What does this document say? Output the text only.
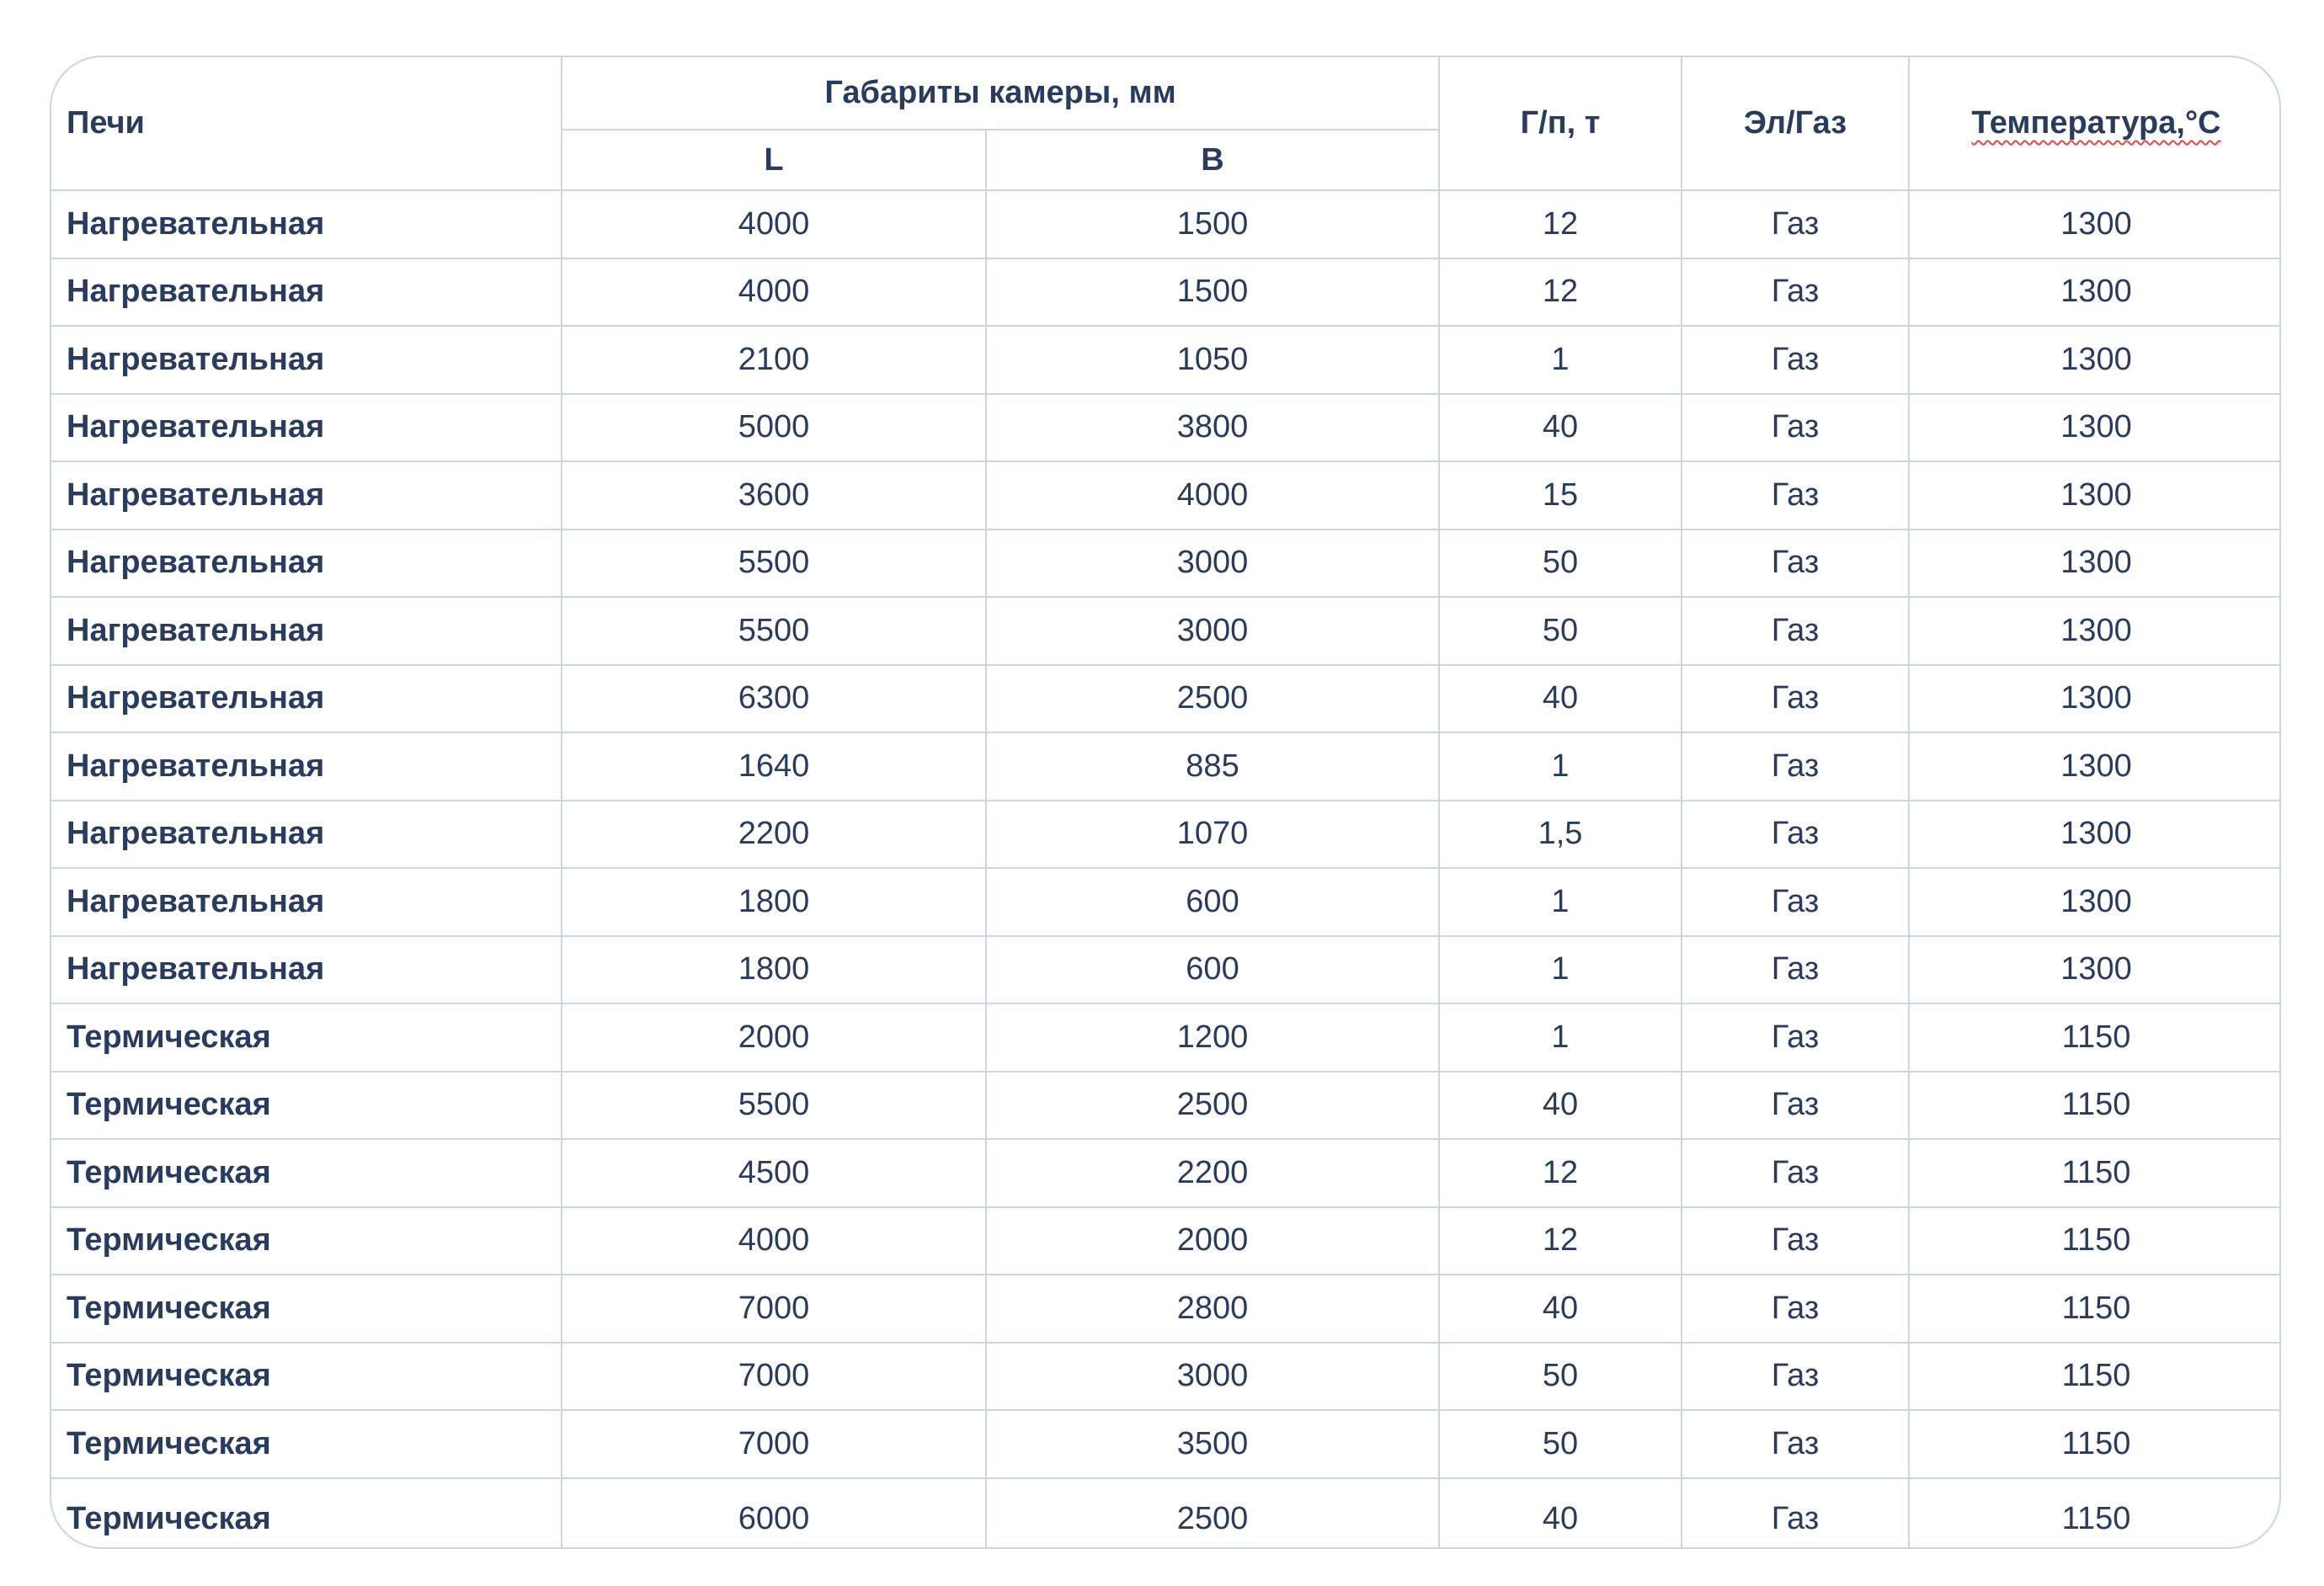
Печи	Габариты камеры, мм		Г/п, т	Эл/Газ	Температура,°С
	L	B			
Нагревательная	4000	1500	12	Газ	1300
Нагревательная	4000	1500	12	Газ	1300
Нагревательная	2100	1050	1	Газ	1300
Нагревательная	5000	3800	40	Газ	1300
Нагревательная	3600	4000	15	Газ	1300
Нагревательная	5500	3000	50	Газ	1300
Нагревательная	5500	3000	50	Газ	1300
Нагревательная	6300	2500	40	Газ	1300
Нагревательная	1640	885	1	Газ	1300
Нагревательная	2200	1070	1,5	Газ	1300
Нагревательная	1800	600	1	Газ	1300
Нагревательная	1800	600	1	Газ	1300
Термическая	2000	1200	1	Газ	1150
Термическая	5500	2500	40	Газ	1150
Термическая	4500	2200	12	Газ	1150
Термическая	4000	2000	12	Газ	1150
Термическая	7000	2800	40	Газ	1150
Термическая	7000	3000	50	Газ	1150
Термическая	7000	3500	50	Газ	1150
Термическая	6000	2500	40	Газ	1150
